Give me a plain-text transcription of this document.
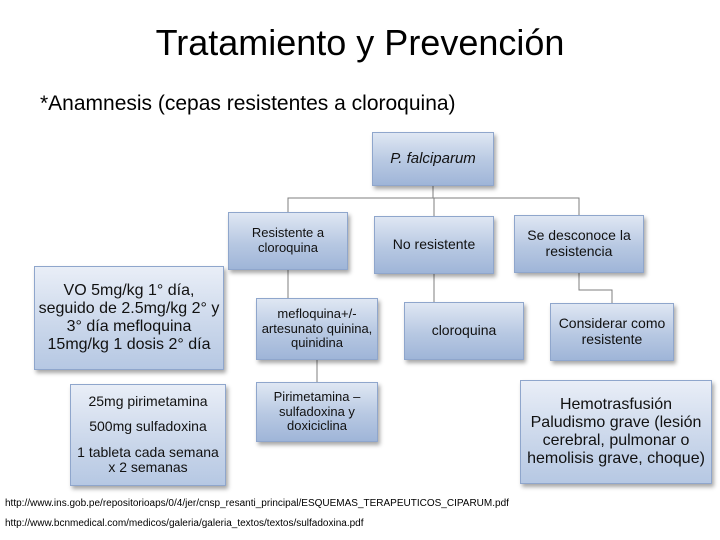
Tratamiento y Prevención
*Anamnesis (cepas resistentes a cloroquina)
P. falciparum
Resistente a cloroquina	No resistente
Se desconoce la resistencia
mefloquina+/- artesunato quinina, quinidina
cloroquina	Considerar como resistente
Pirimetamina – sulfadoxina y doxiciclina
VO 5mg/kg 1° día, seguido de 2.5mg/kg 2° y 3° día mefloquina 15mg/kg 1 dosis 2° día
25mg pirimetamina
500mg sulfadoxina
1 tableta cada semana x 2 semanas
Hemotrasfusión
Paludismo grave (lesión cerebral, pulmonar o hemolisis grave, choque)
http://www.ins.gob.pe/repositorioaps/0/4/jer/cnsp_resanti_principal/ESQUEMAS_TERAPEUTICOS_CIPARUM.pdf
http://www.bcnmedical.com/medicos/galeria/galeria_textos/textos/sulfadoxina.pdf
